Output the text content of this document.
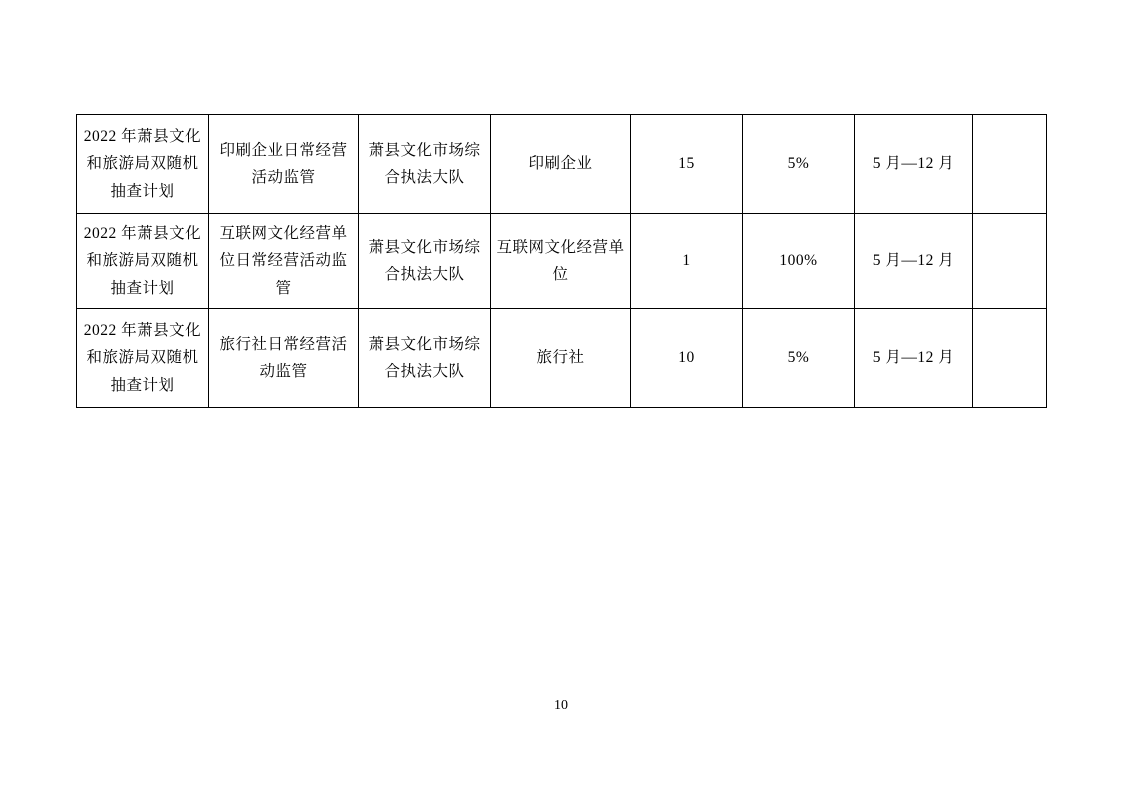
2022 年萧县文化和旅游局双随机抽查计划	印刷企业日常经营活动监管	萧县文化市场综合执法大队	印刷企业	15	5%	5 月—12 月	
2022 年萧县文化和旅游局双随机抽查计划	互联网文化经营单位日常经营活动监管	萧县文化市场综合执法大队	互联网文化经营单位	1	100%	5 月—12 月	
2022 年萧县文化和旅游局双随机抽查计划	旅行社日常经营活动监管	萧县文化市场综合执法大队	旅行社	10	5%	5 月—12 月	
10
